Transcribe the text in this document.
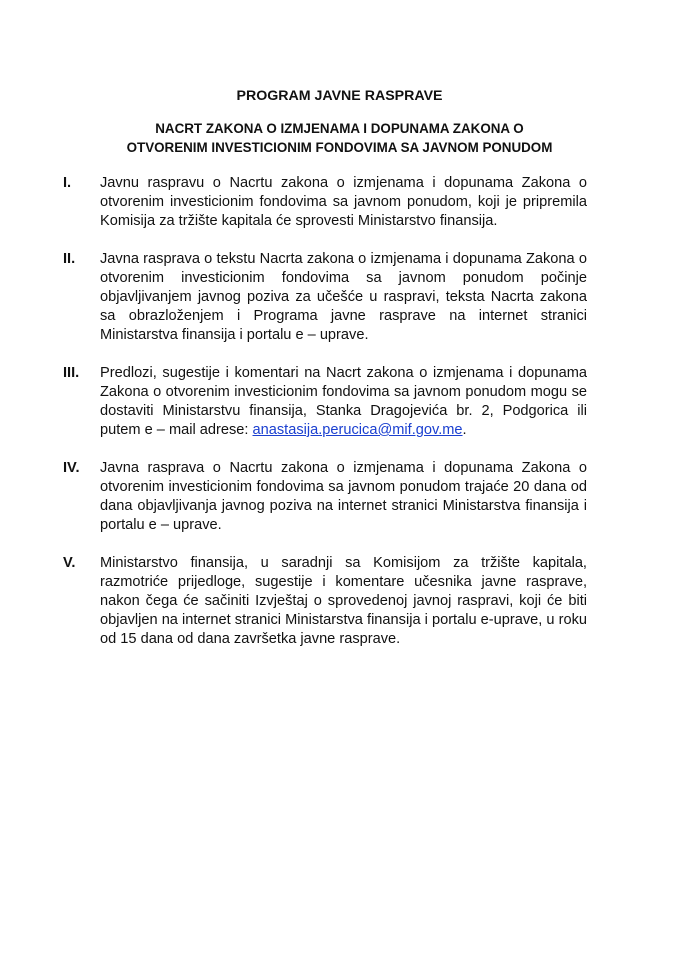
PROGRAM JAVNE RASPRAVE
NACRT ZAKONA O IZMJENAMA I DOPUNAMA ZAKONA O OTVORENIM INVESTICIONIM FONDOVIMA SA JAVNOM PONUDOM
I. Javnu raspravu o Nacrtu zakona o izmjenama i dopunama Zakona o otvorenim investicionim fondovima sa javnom ponudom, koji je pripremila Komisija za tržište kapitala će sprovesti Ministarstvo finansija.
II. Javna rasprava o tekstu Nacrta zakona o izmjenama i dopunama Zakona o otvorenim investicionim fondovima sa javnom ponudom počinje objavljivanjem javnog poziva za učešće u raspravi, teksta Nacrta zakona sa obrazloženjem i Programa javne rasprave na internet stranici Ministarstva finansija i portalu e – uprave.
III. Predlozi, sugestije i komentari na Nacrt zakona o izmjenama i dopunama Zakona o otvorenim investicionim fondovima sa javnom ponudom mogu se dostaviti Ministarstvu finansija, Stanka Dragojevića br. 2, Podgorica ili putem e – mail adrese: anastasija.perucica@mif.gov.me.
IV. Javna rasprava o Nacrtu zakona o izmjenama i dopunama Zakona o otvorenim investicionim fondovima sa javnom ponudom trajaće 20 dana od dana objavljivanja javnog poziva na internet stranici Ministarstva finansija i portalu e – uprave.
V. Ministarstvo finansija, u saradnji sa Komisijom za tržište kapitala, razmotriće prijedloge, sugestije i komentare učesnika javne rasprave, nakon čega će sačiniti Izvještaj o sprovedenoj javnoj raspravi, koji će biti objavljen na internet stranici Ministarstva finansija i portalu e-uprave, u roku od 15 dana od dana završetka javne rasprave.
